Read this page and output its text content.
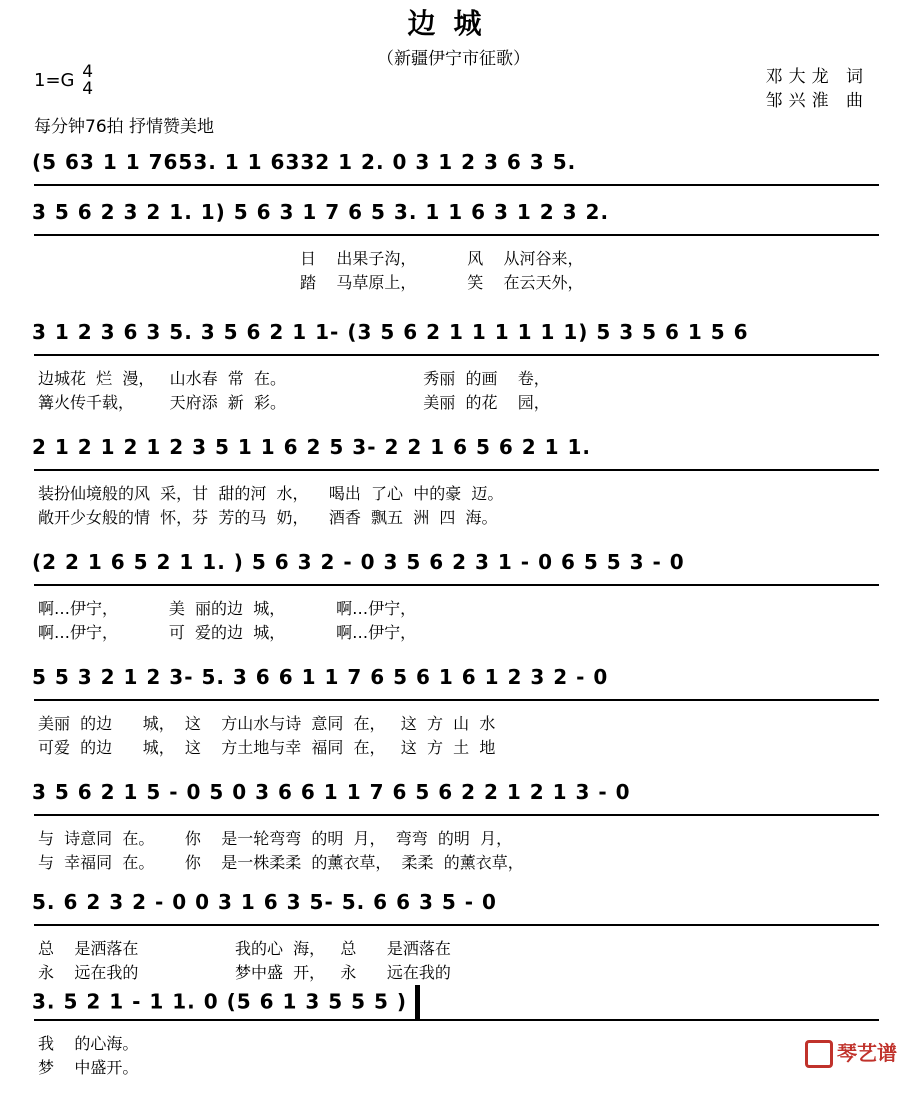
边城
（新疆伊宁市征歌）
1=G 4
4
邓大龙 词
邹兴淮 曲
每分钟76拍 抒情赞美地
(5 63 1 1 7653. 1 1 6332 1 2. 0 3 1 2 3 6 3 5.
3 5 6 2 3 2 1. 1) 5 6 3 1 7 6 5 3. 1 1 6 3 1 2 3 2.
日    出果子沟，          风    从河谷来，
踏    马草原上，          笑    在云天外，
3 1 2 3 6 3 5. 3 5 6 2 1 1- (3 5 6 2 1 1 1 1 1 1) 5 3 5 6 1 5 6
边城花  烂  漫，   山水春  常  在。                           秀丽  的画    卷，
篝火传千载，       天府添  新  彩。                           美丽  的花    园，
2 1 2 1 2 1 2 3 5 1 1 6 2 5 3- 2 2 1 6 5 6 2 1 1.
装扮仙境般的风  采，甘  甜的河  水，    喝出  了心  中的豪  迈。
敞开少女般的情  怀，芬  芳的马  奶，    酒香  飘五  洲  四  海。
(2 2 1 6 5 2 1 1. ) 5 6 3 2 - 0 3 5 6 2 3 1 - 0 6 5 5 3 - 0
啊…伊宁，          美  丽的边  城，          啊…伊宁，
啊…伊宁，          可  爱的边  城，          啊…伊宁，
5 5 3 2 1 2 3- 5. 3 6 6 1 1 7 6 5 6 1 6 1 2 3 2 - 0
美丽  的边      城，  这    方山水与诗  意同  在，   这  方  山  水
可爱  的边      城，  这    方土地与幸  福同  在，   这  方  土  地
3 5 6 2 1 5 - 0 5 0 3 6 6 1 1 7 6 5 6 2 2 1 2 1 3 - 0
与  诗意同  在。      你    是一轮弯弯  的明  月，  弯弯  的明  月，
与  幸福同  在。      你    是一株柔柔  的薰衣草，  柔柔  的薰衣草，
5. 6 2 3 2 - 0 0 3 1 6 3 5- 5. 6 6 3 5 - 0
总    是洒落在                   我的心  海，   总      是洒落在
永    远在我的                   梦中盛  开，   永      远在我的
3. 5 2 1 - 1 1. 0 (5 6 1 3 5 5 5 )
我    的心海。
梦    中盛开。
琴艺谱
